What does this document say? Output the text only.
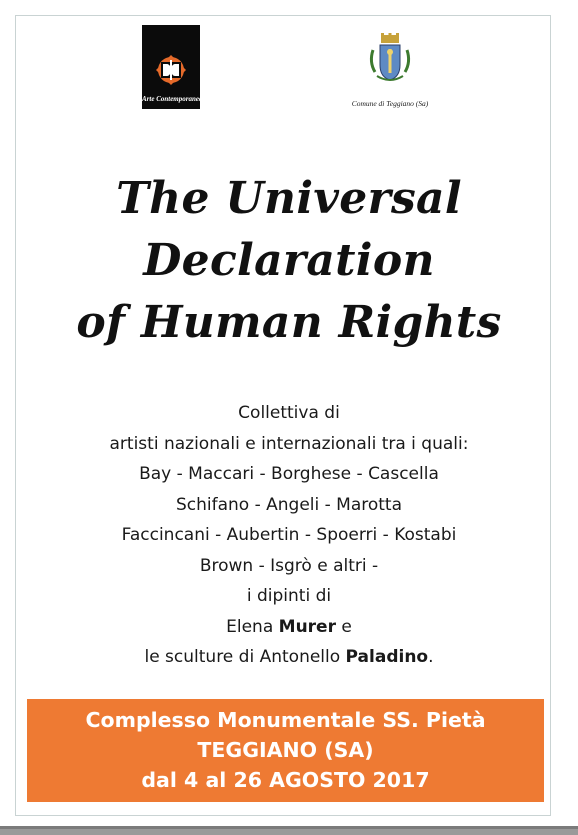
Arte Contemporanea	Comune di Teggiano (Sa)
The Universal
Declaration
of Human Rights
Collettiva di
artisti nazionali e internazionali tra i quali:
Bay - Maccari - Borghese - Cascella
Schifano - Angeli - Marotta
Faccincani - Aubertin - Spoerri - Kostabi
Brown - Isgrò e altri -
i dipinti di
Elena Murer e
le sculture di Antonello Paladino.
Complesso Monumentale SS. Pietà
TEGGIANO (SA)
dal 4 al 26 AGOSTO 2017
